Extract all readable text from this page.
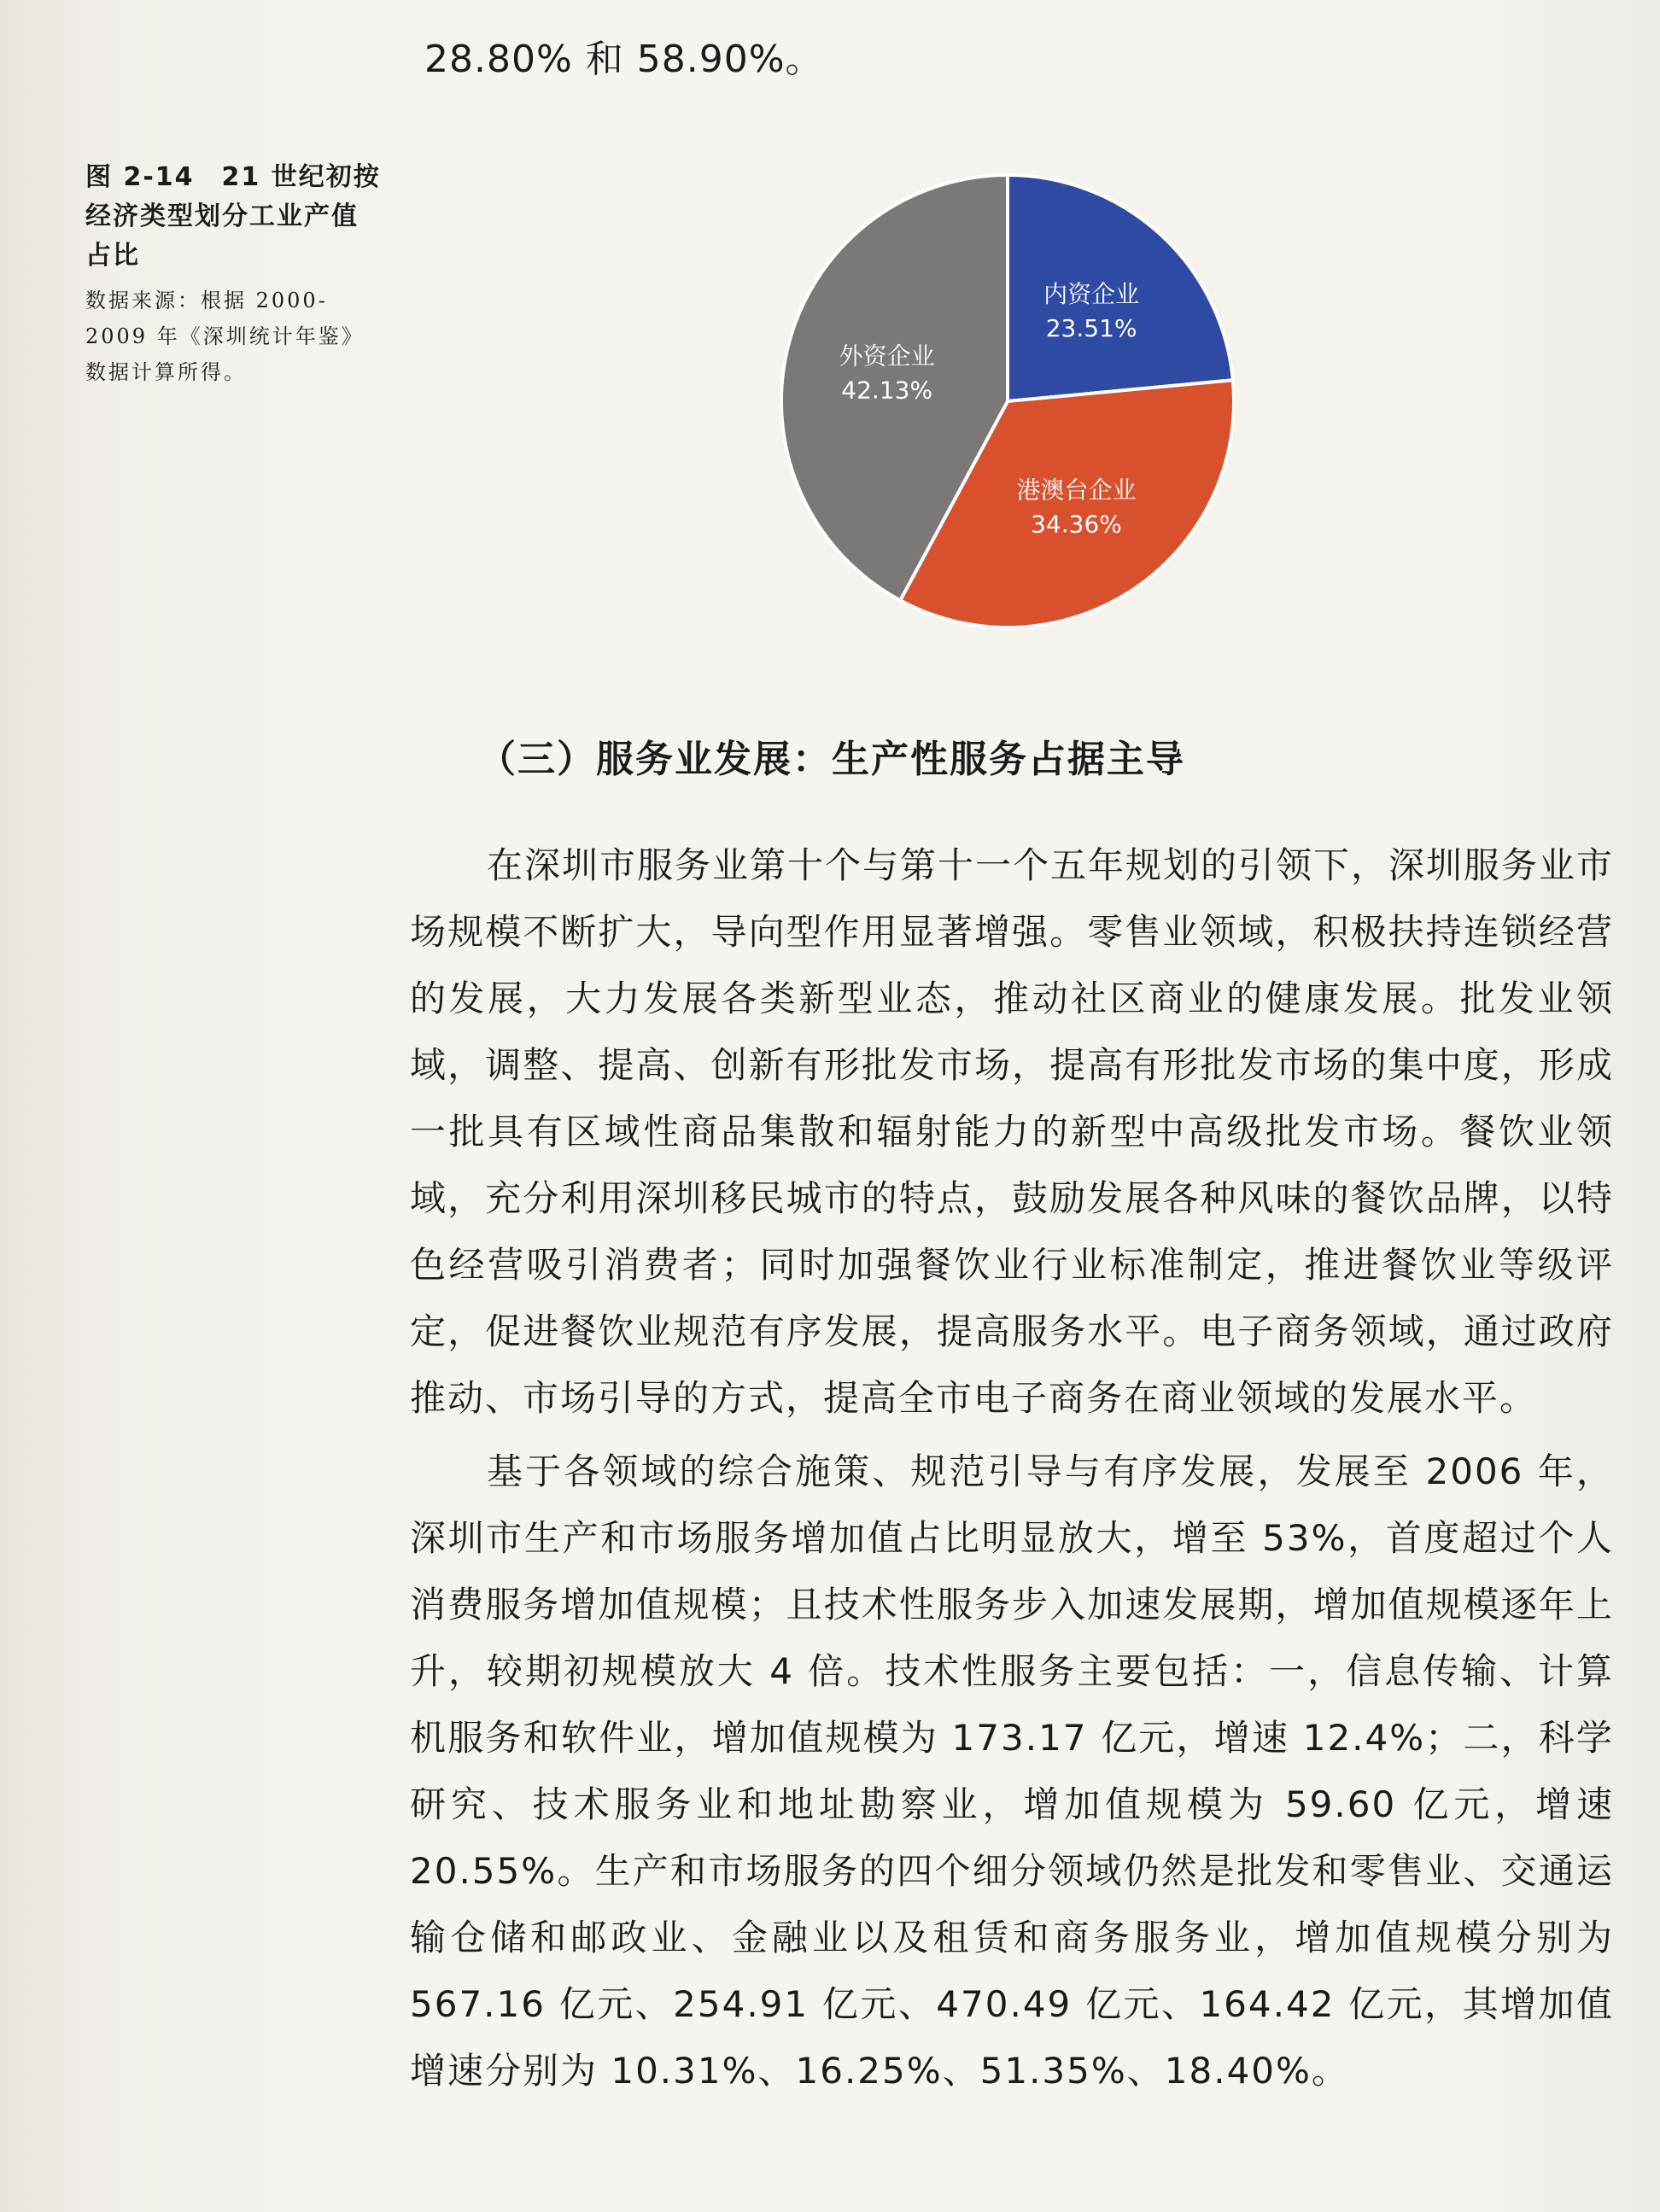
28.80% 和 58.90%。

图 2-14　21 世纪初按经济类型划分工业产值占比

数据来源：根据 2000-2009 年《深圳统计年鉴》数据计算所得。

内资企业
23.51%
港澳台企业
34.36%
外资企业
42.13%
（三）服务业发展：生产性服务占据主导

在深圳市服务业第十个与第十一个五年规划的引领下，深圳服务业市场规模不断扩大，导向型作用显著增强。零售业领域，积极扶持连锁经营的发展，大力发展各类新型业态，推动社区商业的健康发展。批发业领域，调整、提高、创新有形批发市场，提高有形批发市场的集中度，形成一批具有区域性商品集散和辐射能力的新型中高级批发市场。餐饮业领域，充分利用深圳移民城市的特点，鼓励发展各种风味的餐饮品牌，以特色经营吸引消费者；同时加强餐饮业行业标准制定，推进餐饮业等级评定，促进餐饮业规范有序发展，提高服务水平。电子商务领域，通过政府推动、市场引导的方式，提高全市电子商务在商业领域的发展水平。

基于各领域的综合施策、规范引导与有序发展，发展至 2006 年，深圳市生产和市场服务增加值占比明显放大，增至 53%，首度超过个人消费服务增加值规模；且技术性服务步入加速发展期，增加值规模逐年上升，较期初规模放大 4 倍。技术性服务主要包括：一，信息传输、计算机服务和软件业，增加值规模为 173.17 亿元，增速 12.4%；二，科学研究、技术服务业和地址勘察业，增加值规模为 59.60 亿元，增速 20.55%。生产和市场服务的四个细分领域仍然是批发和零售业、交通运输仓储和邮政业、金融业以及租赁和商务服务业，增加值规模分别为 567.16 亿元、254.91 亿元、470.49 亿元、164.42 亿元，其增加值增速分别为 10.31%、16.25%、51.35%、18.40%。
